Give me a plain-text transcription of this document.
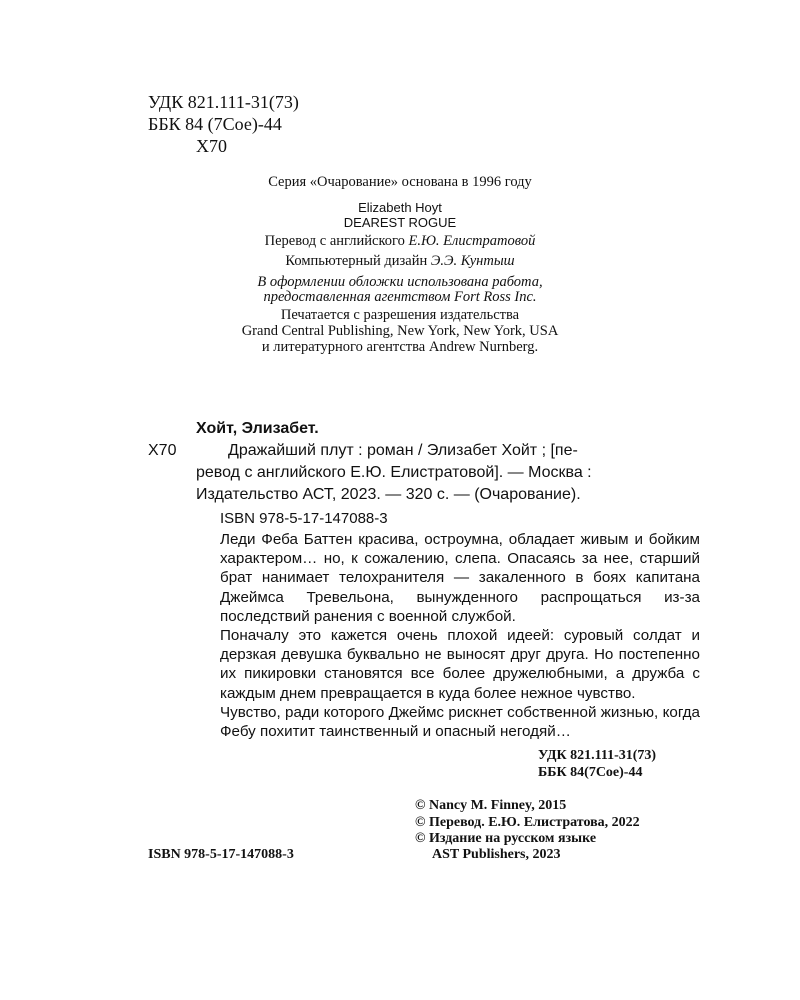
УДК 821.111-31(73)
ББК 84 (7Сое)-44
Х70
Серия «Очарование» основана в 1996 году
Elizabeth Hoyt
DEAREST ROGUE
Перевод с английского Е.Ю. Елистратовой
Компьютерный дизайн Э.Э. Кунтыш
В оформлении обложки использована работа,
предоставленная агентством Fort Ross Inc.
Печатается с разрешения издательства
Grand Central Publishing, New York, New York, USA
и литературного агентства Andrew Nurnberg.
Хойт, Элизабет.
Х70	Дражайший плут : роман / Элизабет Хойт ; [пе-
ревод с английского Е.Ю. Елистратовой]. — Москва :
Издательство АСТ, 2023. — 320 с. — (Очарование).
ISBN 978-5-17-147088-3

Леди Феба Баттен красива, остроумна, обладает живым и бойким характером… но, к сожалению, слепа. Опасаясь за нее, старший брат нанимает телохранителя — закаленного в боях капитана Джеймса Тревельона, вынужденного распрощаться из-за последствий ранения с военной службой.

Поначалу это кажется очень плохой идеей: суровый солдат и дерзкая девушка буквально не выносят друг друга. Но постепенно их пикировки становятся все более дружелюбными, а дружба с каждым днем превращается в куда более нежное чувство.

Чувство, ради которого Джеймс рискнет собственной жизнью, когда Фебу похитит таинственный и опасный негодяй…

УДК 821.111-31(73)
ББК 84(7Сое)-44
© Nancy M. Finney, 2015
© Перевод. Е.Ю. Елистратова, 2022
© Издание на русском языке
AST Publishers, 2023
ISBN 978-5-17-147088-3
